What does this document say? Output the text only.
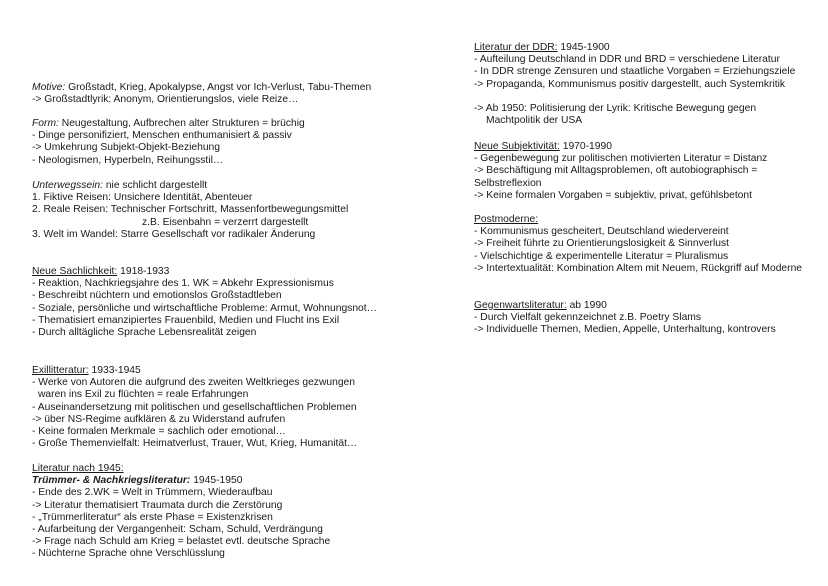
Motive: Großstadt, Krieg, Apokalypse, Angst vor Ich-Verlust, Tabu-Themen
-> Großstadtlyrik: Anonym, Orientierungslos, viele Reize…
Form: Neugestaltung, Aufbrechen alter Strukturen = brüchig
- Dinge personifiziert, Menschen enthumanisiert & passiv
-> Umkehrung Subjekt-Objekt-Beziehung
- Neologismen, Hyperbeln, Reihungsstil…
Unterwegssein: nie schlicht dargestellt
1. Fiktive Reisen: Unsichere Identität, Abenteuer
2. Reale Reisen: Technischer Fortschritt, Massenfortbewegungsmittel
z.B. Eisenbahn = verzerrt dargestellt
3. Welt im Wandel: Starre Gesellschaft vor radikaler Änderung
Neue Sachlichkeit: 1918-1933
- Reaktion, Nachkriegsjahre des 1. WK = Abkehr Expressionismus
- Beschreibt nüchtern und emotionslos Großstadtleben
- Soziale, persönliche und wirtschaftliche Probleme: Armut, Wohnungsnot…
- Thematisiert emanzipiertes Frauenbild, Medien und Flucht ins Exil
- Durch alltägliche Sprache Lebensrealität zeigen
Exillitteratur: 1933-1945
- Werke von Autoren die aufgrund des zweiten Weltkrieges gezwungen
waren ins Exil zu flüchten = reale Erfahrungen
- Auseinandersetzung mit politischen und gesellschaftlichen Problemen
-> über NS-Regime aufklären & zu Widerstand aufrufen
- Keine formalen Merkmale = sachlich oder emotional…
- Große Themenvielfalt: Heimatverlust, Trauer, Wut, Krieg, Humanität…
Literatur nach 1945:
Trümmer- & Nachkriegsliteratur: 1945-1950
- Ende des 2.WK = Welt in Trümmern, Wiederaufbau
-> Literatur thematisiert Traumata durch die Zerstörung
- „Trümmerliteratur“ als erste Phase = Existenzkrisen
- Aufarbeitung der Vergangenheit: Scham, Schuld, Verdrängung
-> Frage nach Schuld am Krieg = belastet evtl. deutsche Sprache
- Nüchterne Sprache ohne Verschlüsslung
Literatur der DDR: 1945-1900
- Aufteilung Deutschland in DDR und BRD = verschiedene Literatur
- In DDR strenge Zensuren und staatliche Vorgaben = Erziehungsziele
-> Propaganda, Kommunismus positiv dargestellt, auch Systemkritik
-> Ab 1950: Politisierung der Lyrik: Kritische Bewegung gegen
Machtpolitik der USA
Neue Subjektivität: 1970-1990
- Gegenbewegung zur politischen motivierten Literatur = Distanz
-> Beschäftigung mit Alltagsproblemen, oft autobiographisch =
Selbstreflexion
-> Keine formalen Vorgaben = subjektiv, privat, gefühlsbetont
Postmoderne:
- Kommunismus gescheitert, Deutschland wiedervereint
-> Freiheit führte zu Orientierungslosigkeit & Sinnverlust
- Vielschichtige & experimentelle Literatur = Pluralismus
-> Intertextualität: Kombination Altem mit Neuem, Rückgriff auf Moderne
Gegenwartsliteratur: ab 1990
- Durch Vielfalt gekennzeichnet z.B. Poetry Slams
-> Individuelle Themen, Medien, Appelle, Unterhaltung, kontrovers
